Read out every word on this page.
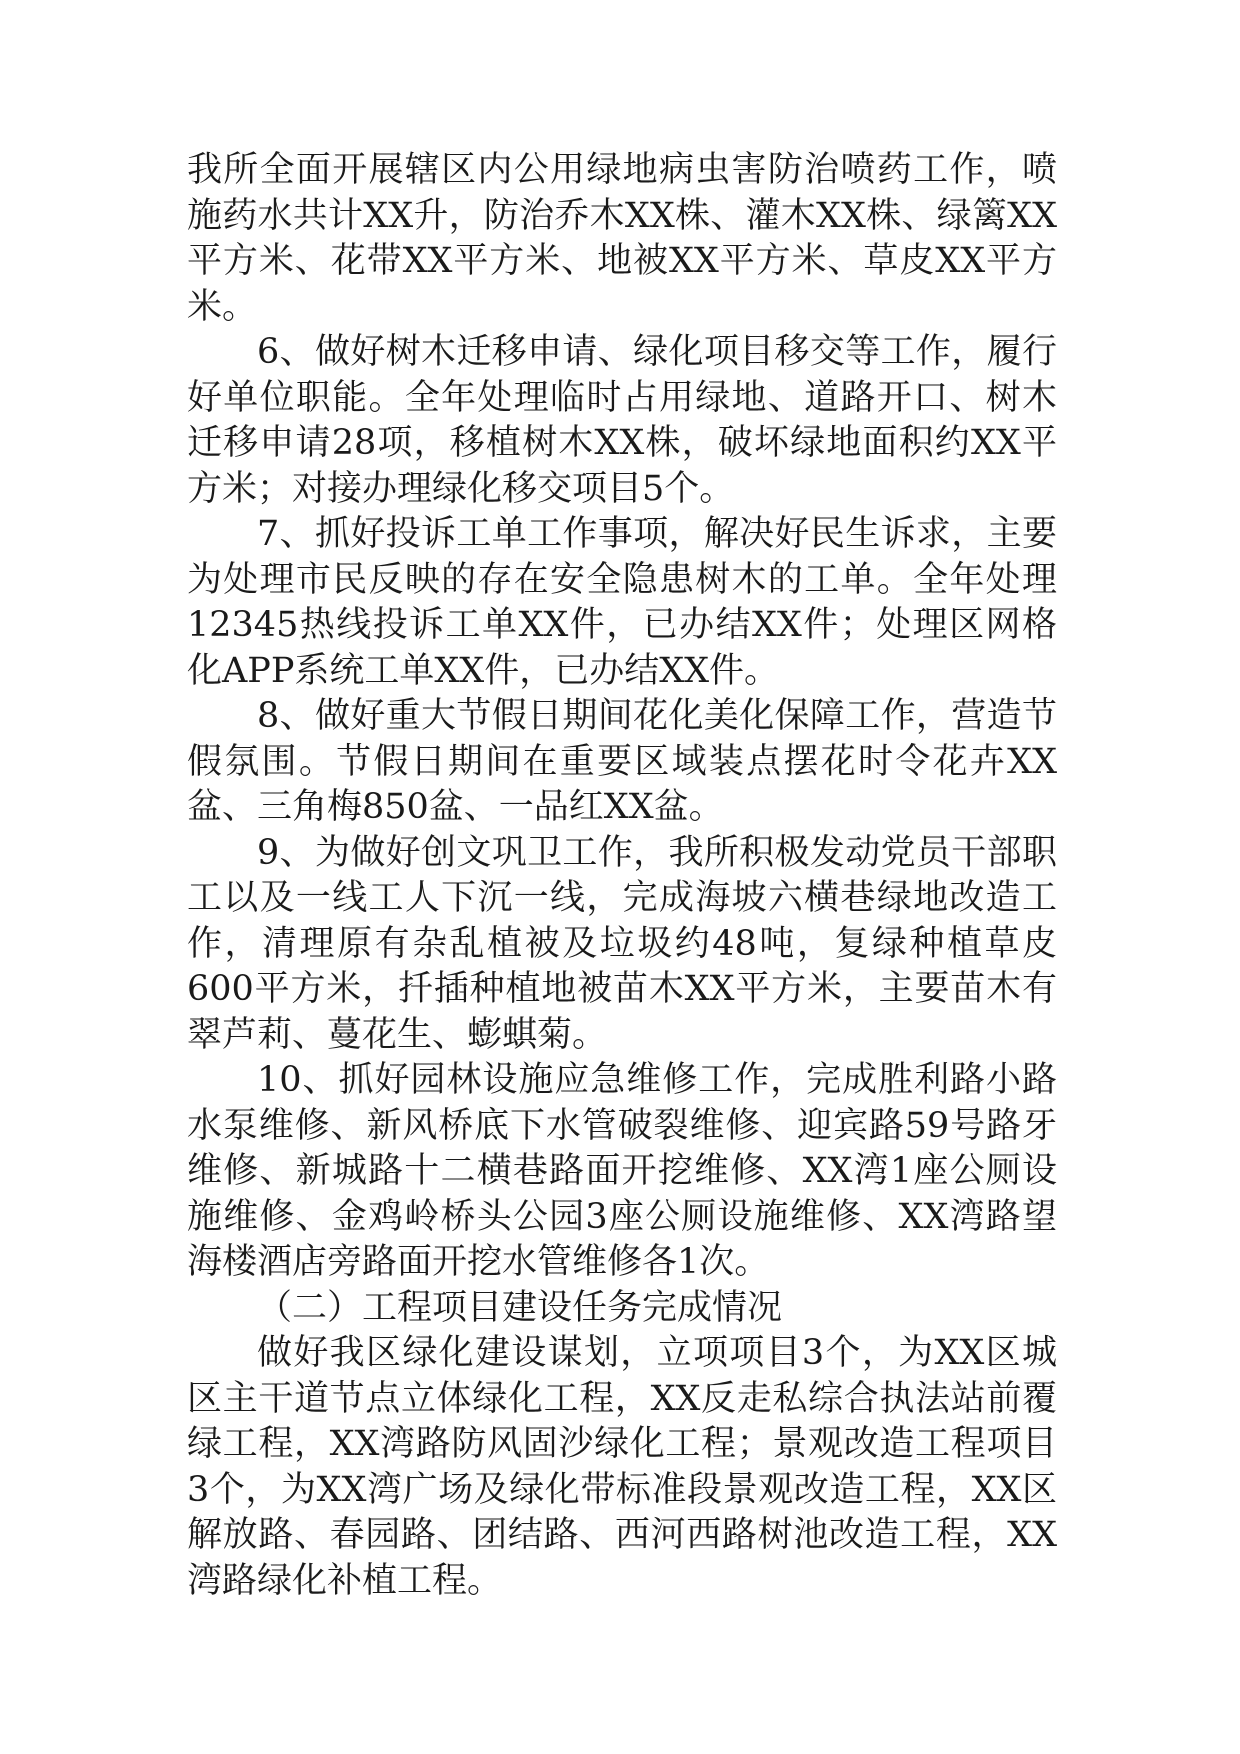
我所全面开展辖区内公用绿地病虫害防治喷药工作，喷施药水共计XX升，防治乔木XX株、灌木XX株、绿篱XX平方米、花带XX平方米、地被XX平方米、草皮XX平方米。

6、做好树木迁移申请、绿化项目移交等工作，履行好单位职能。全年处理临时占用绿地、道路开口、树木迁移申请28项，移植树木XX株，破坏绿地面积约XX平方米；对接办理绿化移交项目5个。

7、抓好投诉工单工作事项，解决好民生诉求，主要为处理市民反映的存在安全隐患树木的工单。全年处理12345热线投诉工单XX件，已办结XX件；处理区网格化APP系统工单XX件，已办结XX件。

8、做好重大节假日期间花化美化保障工作，营造节假氛围。节假日期间在重要区域装点摆花时令花卉XX盆、三角梅850盆、一品红XX盆。

9、为做好创文巩卫工作，我所积极发动党员干部职工以及一线工人下沉一线，完成海坡六横巷绿地改造工作，清理原有杂乱植被及垃圾约48吨，复绿种植草皮600平方米，扦插种植地被苗木XX平方米，主要苗木有翠芦莉、蔓花生、蟛蜞菊。

10、抓好园林设施应急维修工作，完成胜利路小路水泵维修、新风桥底下水管破裂维修、迎宾路59号路牙维修、新城路十二横巷路面开挖维修、XX湾1座公厕设施维修、金鸡岭桥头公园3座公厕设施维修、XX湾路望海楼酒店旁路面开挖水管维修各1次。

（二）工程项目建设任务完成情况

做好我区绿化建设谋划，立项项目3个，为XX区城区主干道节点立体绿化工程，XX反走私综合执法站前覆绿工程，XX湾路防风固沙绿化工程；景观改造工程项目3个，为XX湾广场及绿化带标准段景观改造工程，XX区解放路、春园路、团结路、西河西路树池改造工程，XX湾路绿化补植工程。
